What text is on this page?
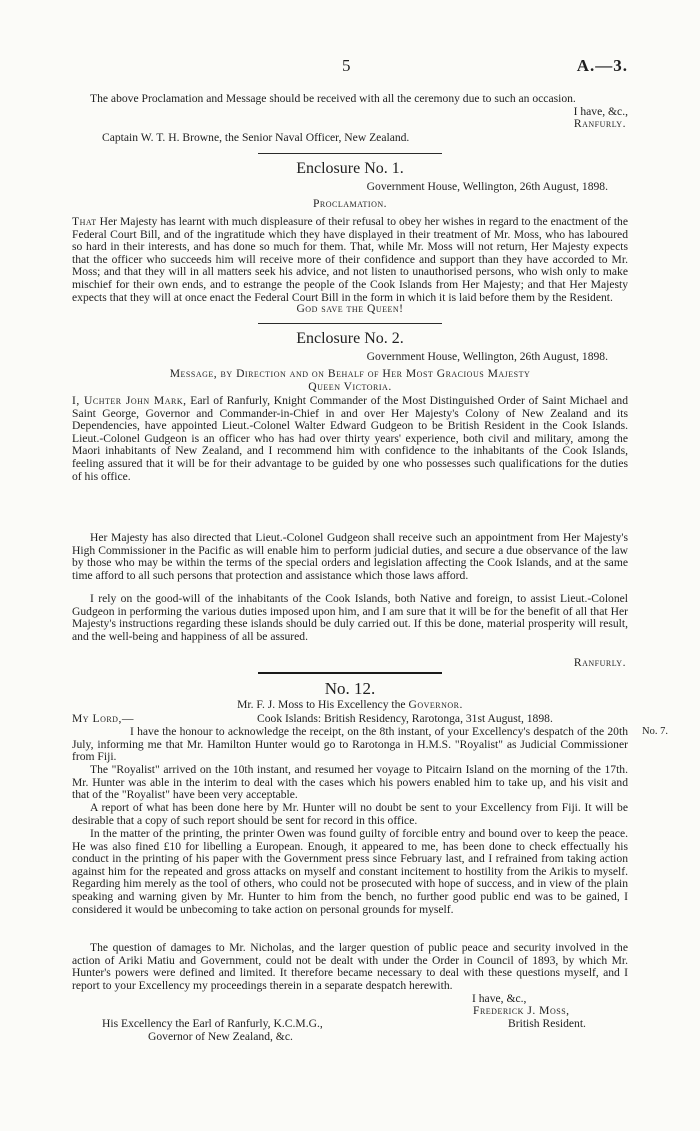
5	A.—3.
The above Proclamation and Message should be received with all the ceremony due to such an occasion.
I have, &c.,
Ranfurly.
Captain W. T. H. Browne, the Senior Naval Officer, New Zealand.
Enclosure No. 1.
Government House, Wellington, 26th August, 1898.
Proclamation.
That Her Majesty has learnt with much displeasure of their refusal to obey her wishes in regard to the enactment of the Federal Court Bill, and of the ingratitude which they have displayed in their treatment of Mr. Moss, who has laboured so hard in their interests, and has done so much for them. That, while Mr. Moss will not return, Her Majesty expects that the officer who succeeds him will receive more of their confidence and support than they have accorded to Mr. Moss; and that they will in all matters seek his advice, and not listen to unauthorised persons, who wish only to make mischief for their own ends, and to estrange the people of the Cook Islands from Her Majesty; and that Her Majesty expects that they will at once enact the Federal Court Bill in the form in which it is laid before them by the Resident.
God save the Queen!
Enclosure No. 2.
Government House, Wellington, 26th August, 1898.
Message, by Direction and on Behalf of Her Most Gracious Majesty
Queen Victoria.
I, Uchter John Mark, Earl of Ranfurly, Knight Commander of the Most Distinguished Order of Saint Michael and Saint George, Governor and Commander-in-Chief in and over Her Majesty's Colony of New Zealand and its Dependencies, have appointed Lieut.-Colonel Walter Edward Gudgeon to be British Resident in the Cook Islands. Lieut.-Colonel Gudgeon is an officer who has had over thirty years' experience, both civil and military, among the Maori inhabitants of New Zealand, and I recommend him with confidence to the inhabitants of the Cook Islands, feeling assured that it will be for their advantage to be guided by one who possesses such qualifications for the duties of his office.
Her Majesty has also directed that Lieut.-Colonel Gudgeon shall receive such an appointment from Her Majesty's High Commissioner in the Pacific as will enable him to perform judicial duties, and secure a due observance of the law by those who may be within the terms of the special orders and legislation affecting the Cook Islands, and at the same time afford to all such persons that protection and assistance which those laws afford.
I rely on the good-will of the inhabitants of the Cook Islands, both Native and foreign, to assist Lieut.-Colonel Gudgeon in performing the various duties imposed upon him, and I am sure that it will be for the benefit of all that Her Majesty's instructions regarding these islands should be duly carried out. If this be done, material prosperity will result, and the well-being and happiness of all be assured.
Ranfurly.
No. 12.
Mr. F. J. Moss to His Excellency the Governor.
My Lord,—	Cook Islands: British Residency, Rarotonga, 31st August, 1898.
No. 7.
I have the honour to acknowledge the receipt, on the 8th instant, of your Excellency's despatch of the 20th July, informing me that Mr. Hamilton Hunter would go to Rarotonga in H.M.S. "Royalist" as Judicial Commissioner from Fiji.
The "Royalist" arrived on the 10th instant, and resumed her voyage to Pitcairn Island on the morning of the 17th. Mr. Hunter was able in the interim to deal with the cases which his powers enabled him to take up, and his visit and that of the "Royalist" have been very acceptable.
A report of what has been done here by Mr. Hunter will no doubt be sent to your Excellency from Fiji. It will be desirable that a copy of such report should be sent for record in this office.
In the matter of the printing, the printer Owen was found guilty of forcible entry and bound over to keep the peace. He was also fined £10 for libelling a European. Enough, it appeared to me, has been done to check effectually his conduct in the printing of his paper with the Government press since February last, and I refrained from taking action against him for the repeated and gross attacks on myself and constant incitement to hostility from the Arikis to myself. Regarding him merely as the tool of others, who could not be prosecuted with hope of success, and in view of the plain speaking and warning given by Mr. Hunter to him from the bench, no further good public end was to be gained, I considered it would be unbecoming to take action on personal grounds for myself.
The question of damages to Mr. Nicholas, and the larger question of public peace and security involved in the action of Ariki Matiu and Government, could not be dealt with under the Order in Council of 1893, by which Mr. Hunter's powers were defined and limited. It therefore became necessary to deal with these questions myself, and I report to your Excellency my proceedings therein in a separate despatch herewith.
I have, &c.,
Frederick J. Moss,
His Excellency the Earl of Ranfurly, K.C.M.G.,	British Resident.
Governor of New Zealand, &c.
